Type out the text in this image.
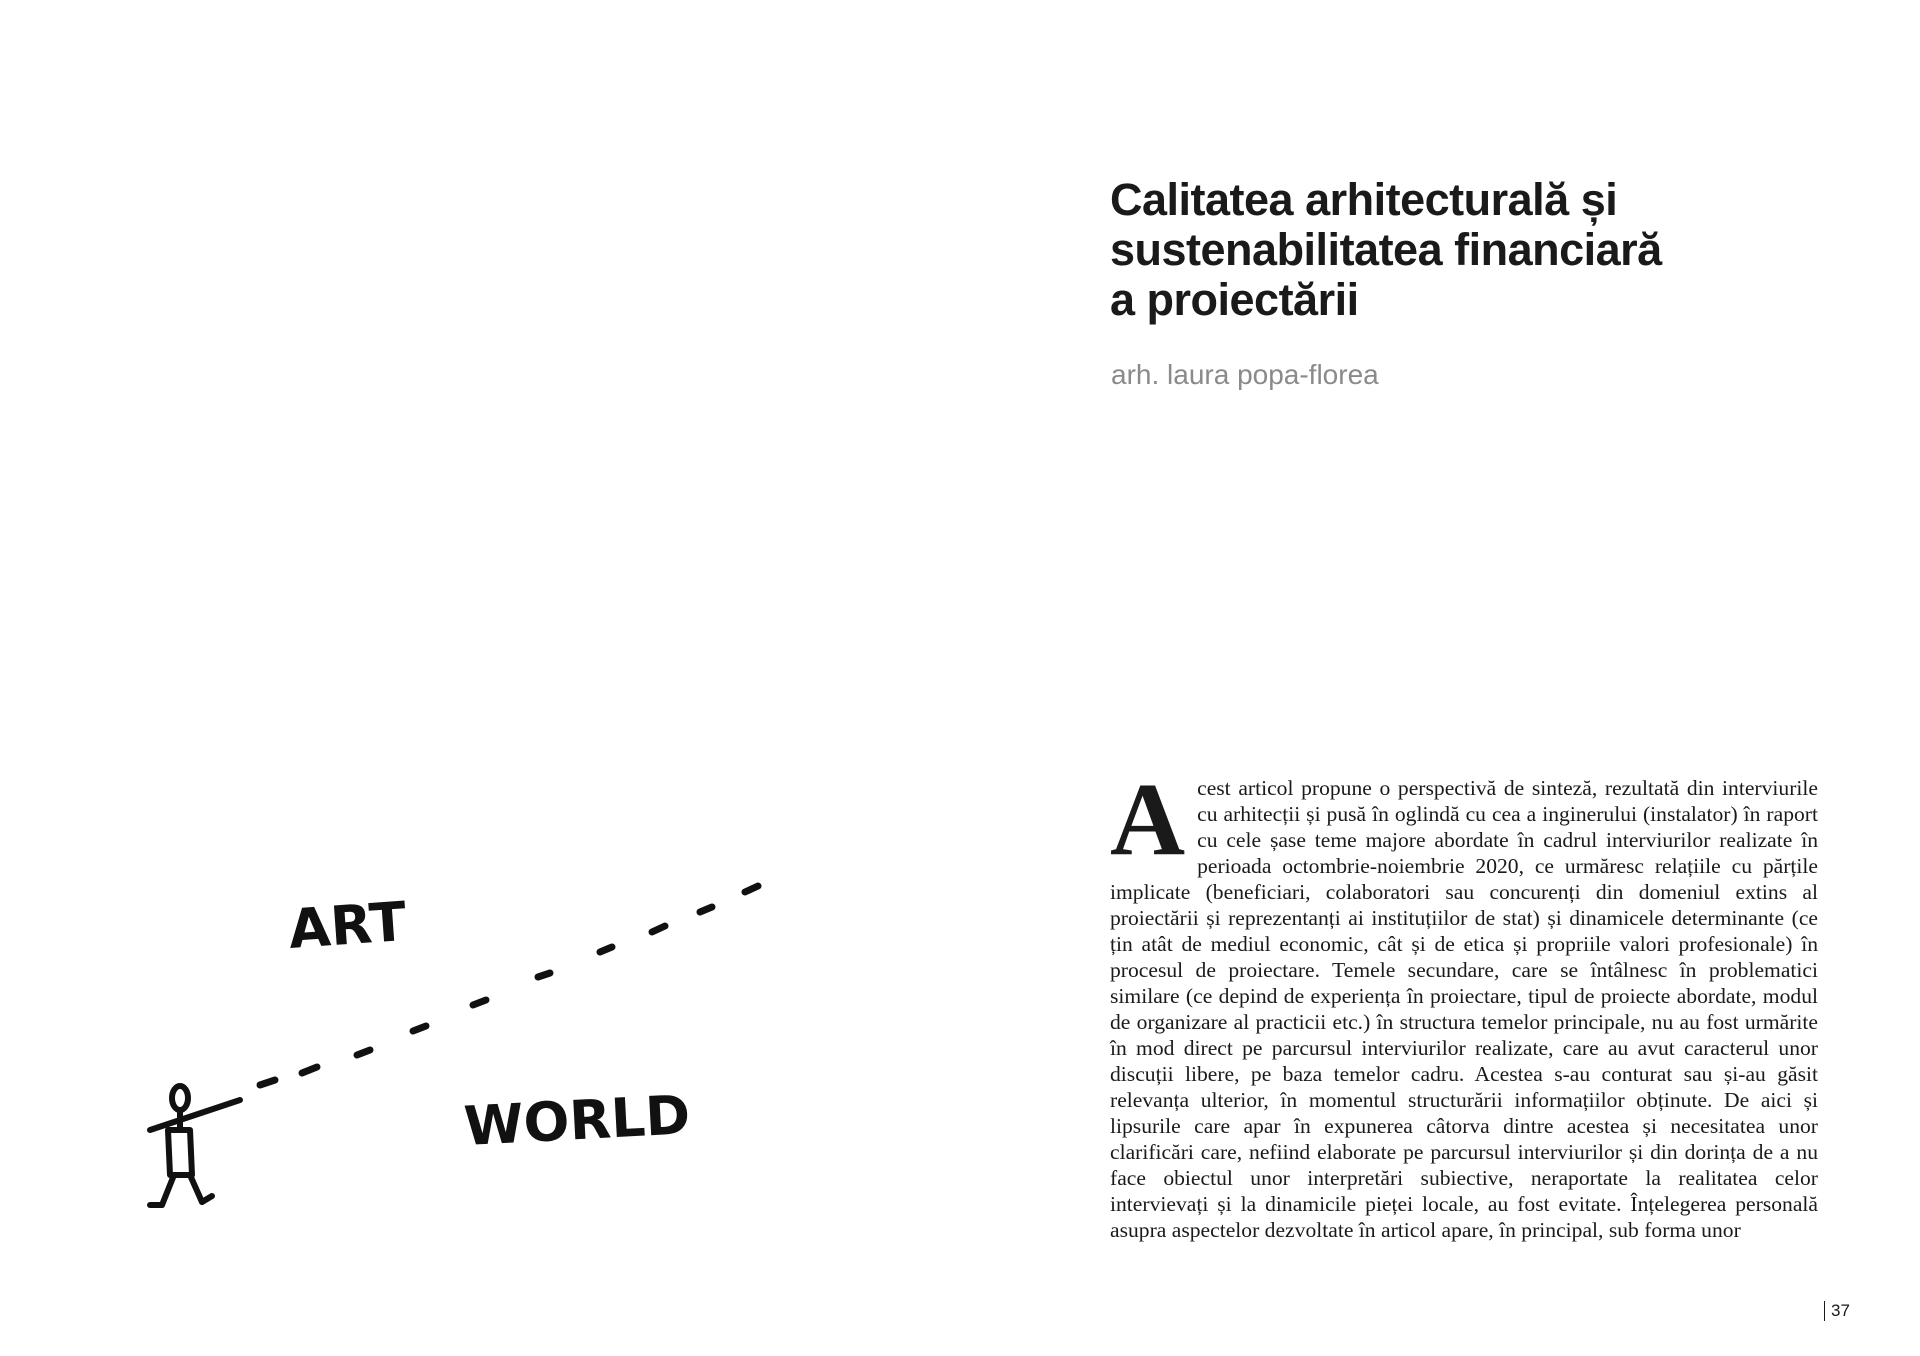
ART
WORLD
Calitatea arhitecturală și
sustenabilitatea financiară
a proiectării

arh. laura popa-florea

Acest articol propune o perspectivă de sinteză, rezultată din interviurile cu arhitecții și pusă în oglindă cu cea a inginerului (instalator) în raport cu cele șase teme majore abordate în cadrul interviurilor realizate în perioada octombrie-noiembrie 2020, ce urmăresc relațiile cu părțile implicate (beneficiari, colaboratori sau concurenți din domeniul extins al proiectării și reprezentanți ai instituțiilor de stat) și dinamicele determinante (ce țin atât de mediul economic, cât și de etica și propriile valori profesionale) în procesul de proiectare. Temele secundare, care se întâlnesc în problematici similare (ce depind de experiența în proiectare, tipul de proiecte abordate, modul de organizare al practicii etc.) în structura temelor principale, nu au fost urmărite în mod direct pe parcursul interviurilor realizate, care au avut caracterul unor discuții libere, pe baza temelor cadru. Acestea s-au conturat sau și-au găsit relevanța ulterior, în momentul structurării informațiilor obținute. De aici și lipsurile care apar în expunerea câtorva dintre acestea și necesitatea unor clarificări care, nefiind elaborate pe parcursul interviurilor și din dorința de a nu face obiectul unor interpretări subiective, neraportate la realitatea celor intervievați și la dinamicile pieței locale, au fost evitate. Înțelegerea personală asupra aspectelor dezvoltate în articol apare, în principal, sub forma unor

37
